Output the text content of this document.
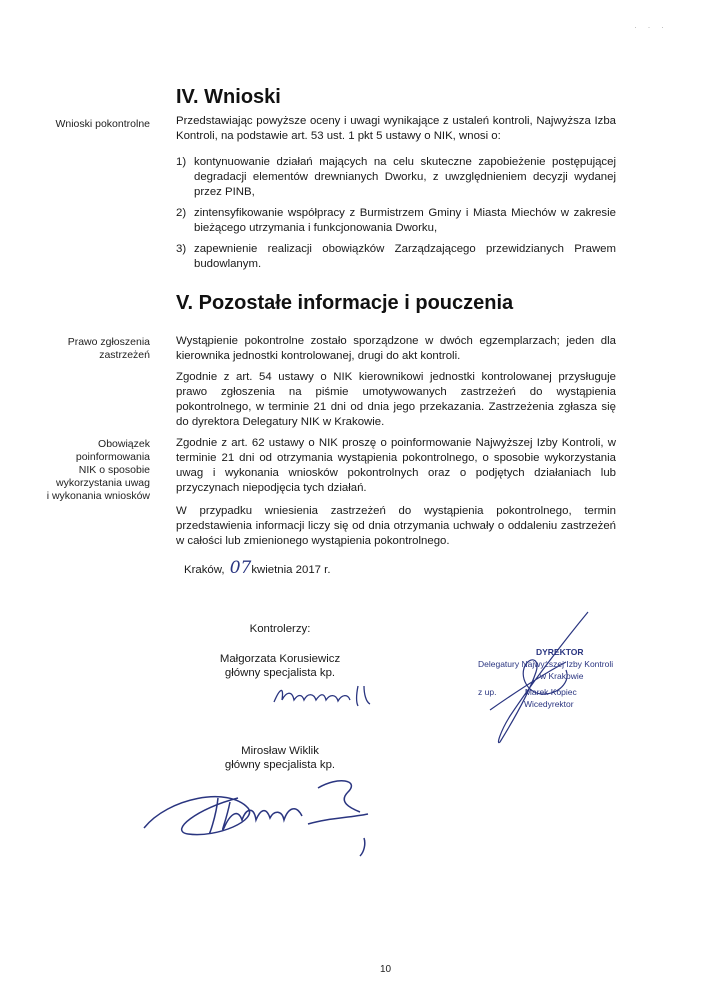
· · ·
IV. Wnioski
Wnioski pokontrolne Przedstawiając powyższe oceny i uwagi wynikające z ustaleń kontroli, Najwyższa Izba Kontroli, na podstawie art. 53 ust. 1 pkt 5 ustawy o NIK, wnosi o:
1) kontynuowanie działań mających na celu skuteczne zapobieżenie postępującej degradacji elementów drewnianych Dworku, z uwzględnieniem decyzji wydanej przez PINB,
2) zintensyfikowanie współpracy z Burmistrzem Gminy i Miasta Miechów w zakresie bieżącego utrzymania i funkcjonowania Dworku,
3) zapewnienie realizacji obowiązków Zarządzającego przewidzianych Prawem budowlanym.
V. Pozostałe informacje i pouczenia
Prawo zgłoszenia
zastrzeżeń
Obowiązek
poinformowania
NIK o sposobie
wykorzystania uwag
i wykonania wniosków
Wystąpienie pokontrolne zostało sporządzone w dwóch egzemplarzach; jeden dla kierownika jednostki kontrolowanej, drugi do akt kontroli.
Zgodnie z art. 54 ustawy o NIK kierownikowi jednostki kontrolowanej przysługuje prawo zgłoszenia na piśmie umotywowanych zastrzeżeń do wystąpienia pokontrolnego, w terminie 21 dni od dnia jego przekazania. Zastrzeżenia zgłasza się do dyrektora Delegatury NIK w Krakowie.
Zgodnie z art. 62 ustawy o NIK proszę o poinformowanie Najwyższej Izby Kontroli, w terminie 21 dni od otrzymania wystąpienia pokontrolnego, o sposobie wykorzystania uwag i wykonania wniosków pokontrolnych oraz o podjętych działaniach lub przyczynach niepodjęcia tych działań.
W przypadku wniesienia zastrzeżeń do wystąpienia pokontrolnego, termin przedstawienia informacji liczy się od dnia otrzymania uchwały o oddaleniu zastrzeżeń w całości lub zmienionego wystąpienia pokontrolnego.
Kraków, 07kwietnia 2017 r.
Kontrolerzy:
Małgorzata Korusiewicz
główny specjalista kp.
Mirosław Wiklik
główny specjalista kp.
DYREKTOR
Delegatury Najwyższej Izby Kontroli
w Krakowie
z up.	Marek Kopiec
Wicedyrektor
10
